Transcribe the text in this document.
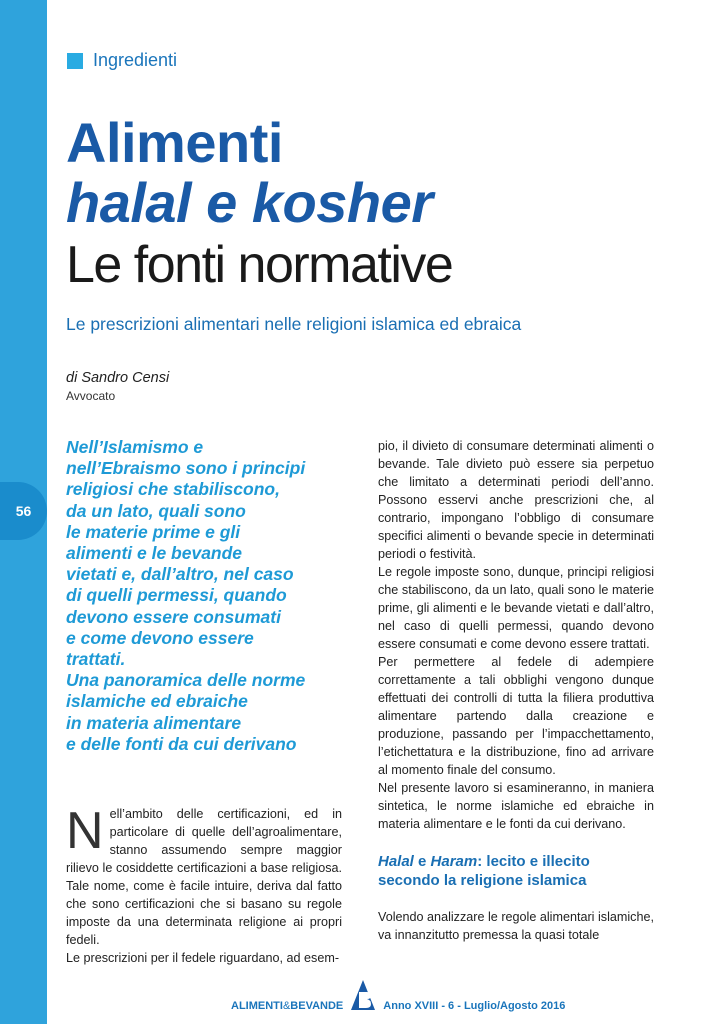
56
Ingredienti
Alimenti
halal e kosher
Le fonti normative
Le prescrizioni alimentari nelle religioni islamica ed ebraica
di Sandro Censi
Avvocato
Nell’Islamismo e
nell’Ebraismo sono i principi
religiosi che stabiliscono,
da un lato, quali sono
le materie prime e gli
alimenti e le bevande
vietati e, dall’altro, nel caso
di quelli permessi, quando
devono essere consumati
e come devono essere
trattati.
Una panoramica delle norme
islamiche ed ebraiche
in materia alimentare
e delle fonti da cui derivano

Nell’ambito delle certificazioni, ed in particolare di quelle dell’agroalimentare, stanno assumendo sempre maggior rilievo le cosiddette certificazioni a base religiosa. Tale nome, come è facile intuire, deriva dal fatto che sono certificazioni che si basano su regole imposte da una determinata religione ai propri fedeli.

Le prescrizioni per il fedele riguardano, ad esem-

pio, il divieto di consumare determinati alimenti o bevande. Tale divieto può essere sia perpetuo che limitato a determinati periodi dell’anno. Possono esservi anche prescrizioni che, al contrario, impongano l’obbligo di consumare specifici alimenti o bevande specie in determinati periodi o festività.

Le regole imposte sono, dunque, principi religiosi che stabiliscono, da un lato, quali sono le materie prime, gli alimenti e le bevande vietati e dall’altro, nel caso di quelli permessi, quando devono essere consumati e come devono essere trattati.

Per permettere al fedele di adempiere correttamente a tali obblighi vengono dunque effettuati dei controlli di tutta la filiera produttiva alimentare partendo dalla creazione e produzione, passando per l’impacchettamento, l’etichettatura e la distribuzione, fino ad arrivare al momento finale del consumo.

Nel presente lavoro si esamineranno, in maniera sintetica, le norme islamiche ed ebraiche in materia alimentare e le fonti da cui derivano.

Halal e Haram: lecito e illecito
secondo la religione islamica

Volendo analizzare le regole alimentari islamiche, va innanzitutto premessa la quasi totale

ALIMENTI&BEVANDE	Anno XVIII - 6 - Luglio/Agosto 2016
